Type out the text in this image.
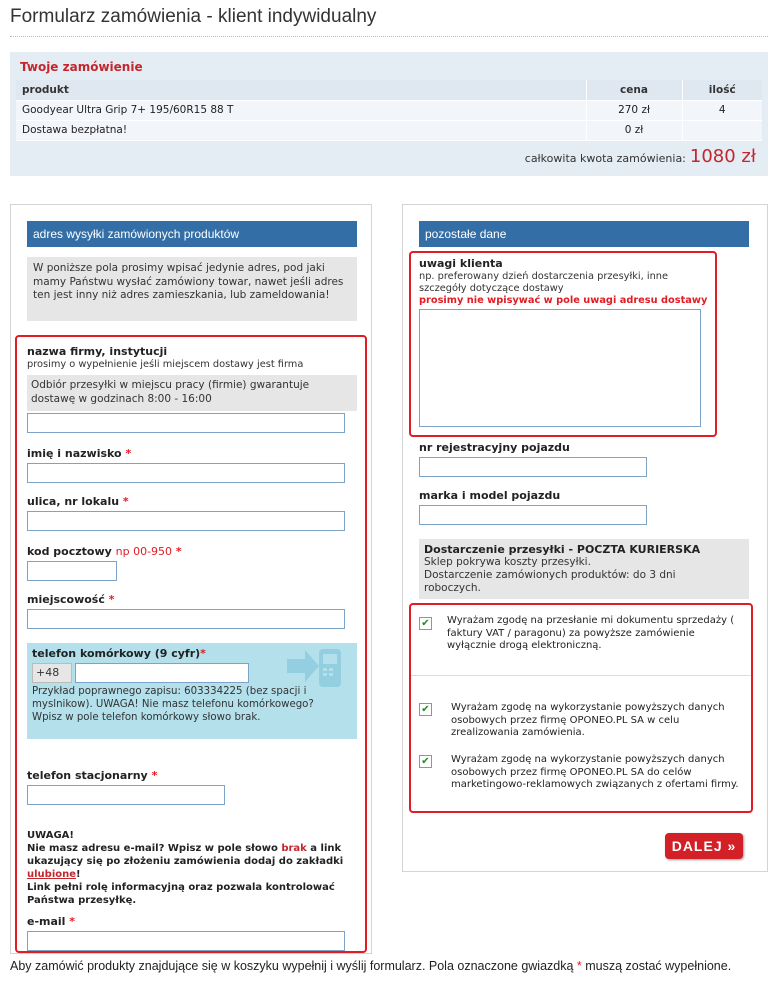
Formularz zamówienia - klient indywidualny
Twoje zamówienie
produkt	cena	ilość
Goodyear Ultra Grip 7+ 195/60R15 88 T	270 zł	4
Dostawa bezpłatna!	0 zł	
całkowita kwota zamówienia: 1080 zł
adres wysyłki zamówionych produktów
W poniższe pola prosimy wpisać jedynie adres, pod jaki mamy Państwu wysłać zamówiony towar, nawet jeśli adres ten jest inny niż adres zamieszkania, lub zameldowania!
nazwa firmy, instytucji
prosimy o wypełnienie jeśli miejscem dostawy jest firma
Odbiór przesyłki w miejscu pracy (firmie) gwarantuje dostawę w godzinach 8:00 - 16:00
imię i nazwisko *
ulica, nr lokalu *
kod pocztowy np 00-950 *
miejscowość *
telefon komórkowy (9 cyfr)*
+48
Przykład poprawnego zapisu: 603334225 (bez spacji i myslnikow). UWAGA! Nie masz telefonu komórkowego? Wpisz w pole telefon komórkowy słowo brak.
telefon stacjonarny *
UWAGA!
Nie masz adresu e-mail? Wpisz w pole słowo brak a link ukazujący się po złożeniu zamówienia dodaj do zakładki ulubione!
Link pełni rolę informacyjną oraz pozwala kontrolować Państwa przesyłkę.
e-mail *
pozostałe dane
uwagi klienta
np. preferowany dzień dostarczenia przesyłki, inne szczegóły dotyczące dostawy
prosimy nie wpisywać w pole uwagi adresu dostawy
nr rejestracyjny pojazdu
marka i model pojazdu
Dostarczenie przesyłki - POCZTA KURIERSKA
Sklep pokrywa koszty przesyłki.
Dostarczenie zamówionych produktów: do 3 dni roboczych.
✔ Wyrażam zgodę na przesłanie mi dokumentu sprzedaży ( faktury VAT / paragonu) za powyższe zamówienie wyłącznie drogą elektroniczną.
✔ Wyrażam zgodę na wykorzystanie powyższych danych osobowych przez firmę OPONEO.PL SA w celu zrealizowania zamówienia.
✔ Wyrażam zgodę na wykorzystanie powyższych danych osobowych przez firmę OPONEO.PL SA do celów marketingowo-reklamowych związanych z ofertami firmy.
DALEJ »
Aby zamówić produkty znajdujące się w koszyku wypełnij i wyślij formularz. Pola oznaczone gwiazdką * muszą zostać wypełnione.
